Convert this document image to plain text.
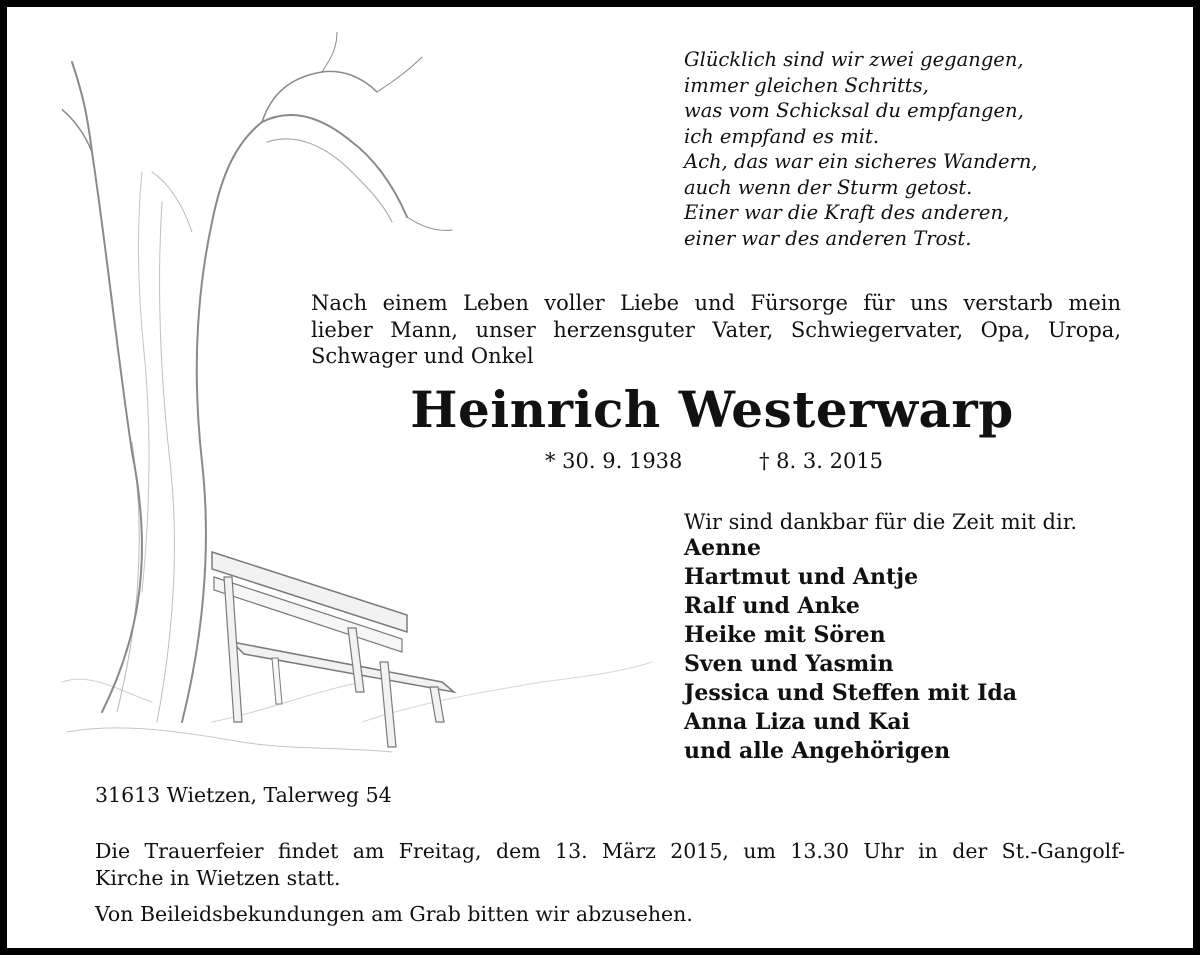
Glücklich sind wir zwei gegangen,
immer gleichen Schritts,
was vom Schicksal du empfangen,
ich empfand es mit.
Ach, das war ein sicheres Wandern,
auch wenn der Sturm getost.
Einer war die Kraft des anderen,
einer war des anderen Trost.
Nach einem Leben voller Liebe und Fürsorge für uns verstarb mein
lieber Mann, unser herzensguter Vater, Schwiegervater, Opa, Uropa,
Schwager und Onkel
Heinrich Westerwarp
* 30. 9. 1938	† 8. 3. 2015
Wir sind dankbar für die Zeit mit dir.
Aenne
Hartmut und Antje
Ralf und Anke
Heike mit Sören
Sven und Yasmin
Jessica und Steffen mit Ida
Anna Liza und Kai
und alle Angehörigen
31613 Wietzen, Talerweg 54
Die Trauerfeier findet am Freitag, dem 13. März 2015, um 13.30 Uhr in der St.-Gangolf-
Kirche in Wietzen statt.
Von Beileidsbekundungen am Grab bitten wir abzusehen.
